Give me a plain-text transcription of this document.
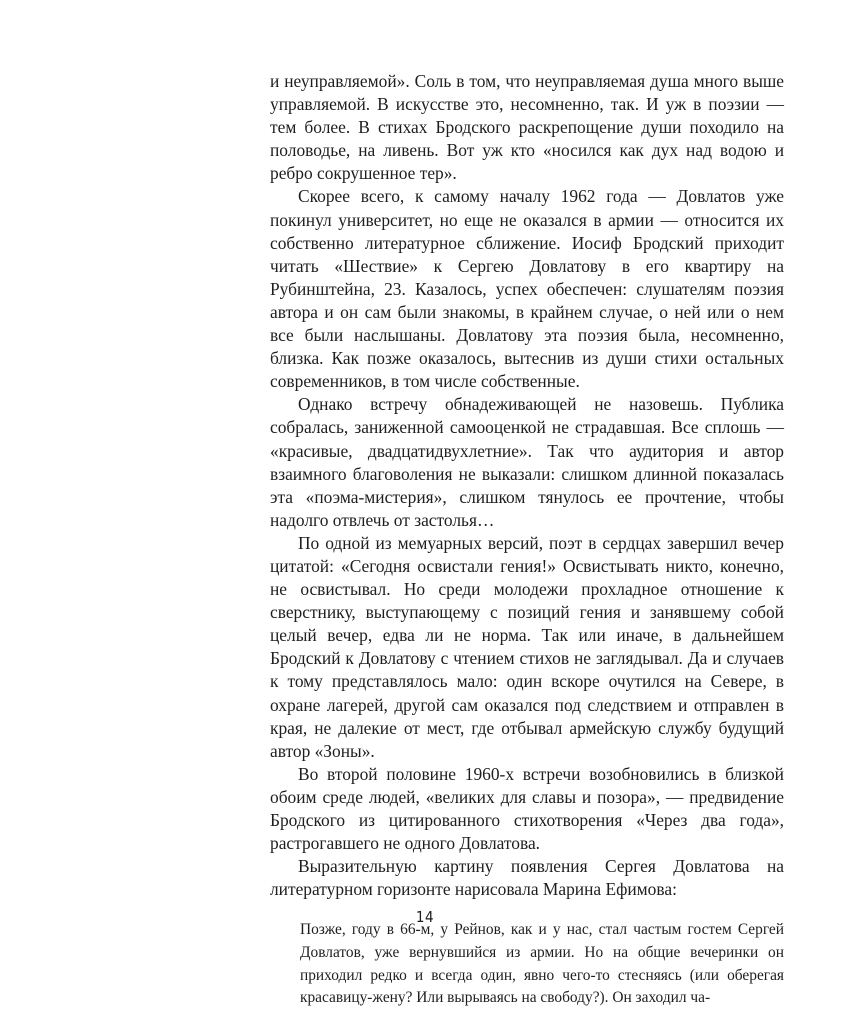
и неуправляемой». Соль в том, что неуправляемая душа много выше управляемой. В искусстве это, несомненно, так. И уж в поэзии — тем более. В стихах Бродского раскрепощение души походило на половодье, на ливень. Вот уж кто «носился как дух над водою и ребро сокрушенное тер».

Скорее всего, к самому началу 1962 года — Довлатов уже покинул университет, но еще не оказался в армии — относится их собственно литературное сближение. Иосиф Бродский приходит читать «Шествие» к Сергею Довлатову в его квартиру на Рубинштейна, 23. Казалось, успех обеспечен: слушателям поэзия автора и он сам были знакомы, в крайнем случае, о ней или о нем все были наслышаны. Довлатову эта поэзия была, несомненно, близка. Как позже оказалось, вытеснив из души стихи остальных современников, в том числе собственные.

Однако встречу обнадеживающей не назовешь. Публика собралась, заниженной самооценкой не страдавшая. Все сплошь — «красивые, двадцатидвухлетние». Так что аудитория и автор взаимного благоволения не выказали: слишком длинной показалась эта «поэма-мистерия», слишком тянулось ее прочтение, чтобы надолго отвлечь от застолья…

По одной из мемуарных версий, поэт в сердцах завершил вечер цитатой: «Сегодня освистали гения!» Освистывать никто, конечно, не освистывал. Но среди молодежи прохладное отношение к сверстнику, выступающему с позиций гения и занявшему собой целый вечер, едва ли не норма. Так или иначе, в дальнейшем Бродский к Довлатову с чтением стихов не заглядывал. Да и случаев к тому представлялось мало: один вскоре очутился на Севере, в охране лагерей, другой сам оказался под следствием и отправлен в края, не далекие от мест, где отбывал армейскую службу будущий автор «Зоны».

Во второй половине 1960-х встречи возобновились в близкой обоим среде людей, «великих для славы и позора», — предвидение Бродского из цитированного стихотворения «Через два года», растрогавшего не одного Довлатова.

Выразительную картину появления Сергея Довлатова на литературном горизонте нарисовала Марина Ефимова:

Позже, году в 66-м, у Рейнов, как и у нас, стал частым гостем Сергей Довлатов, уже вернувшийся из армии. Но на общие вечеринки он приходил редко и всегда один, явно чего-то стесняясь (или оберегая красавицу-жену? Или вырываясь на свободу?). Он заходил ча-

14
